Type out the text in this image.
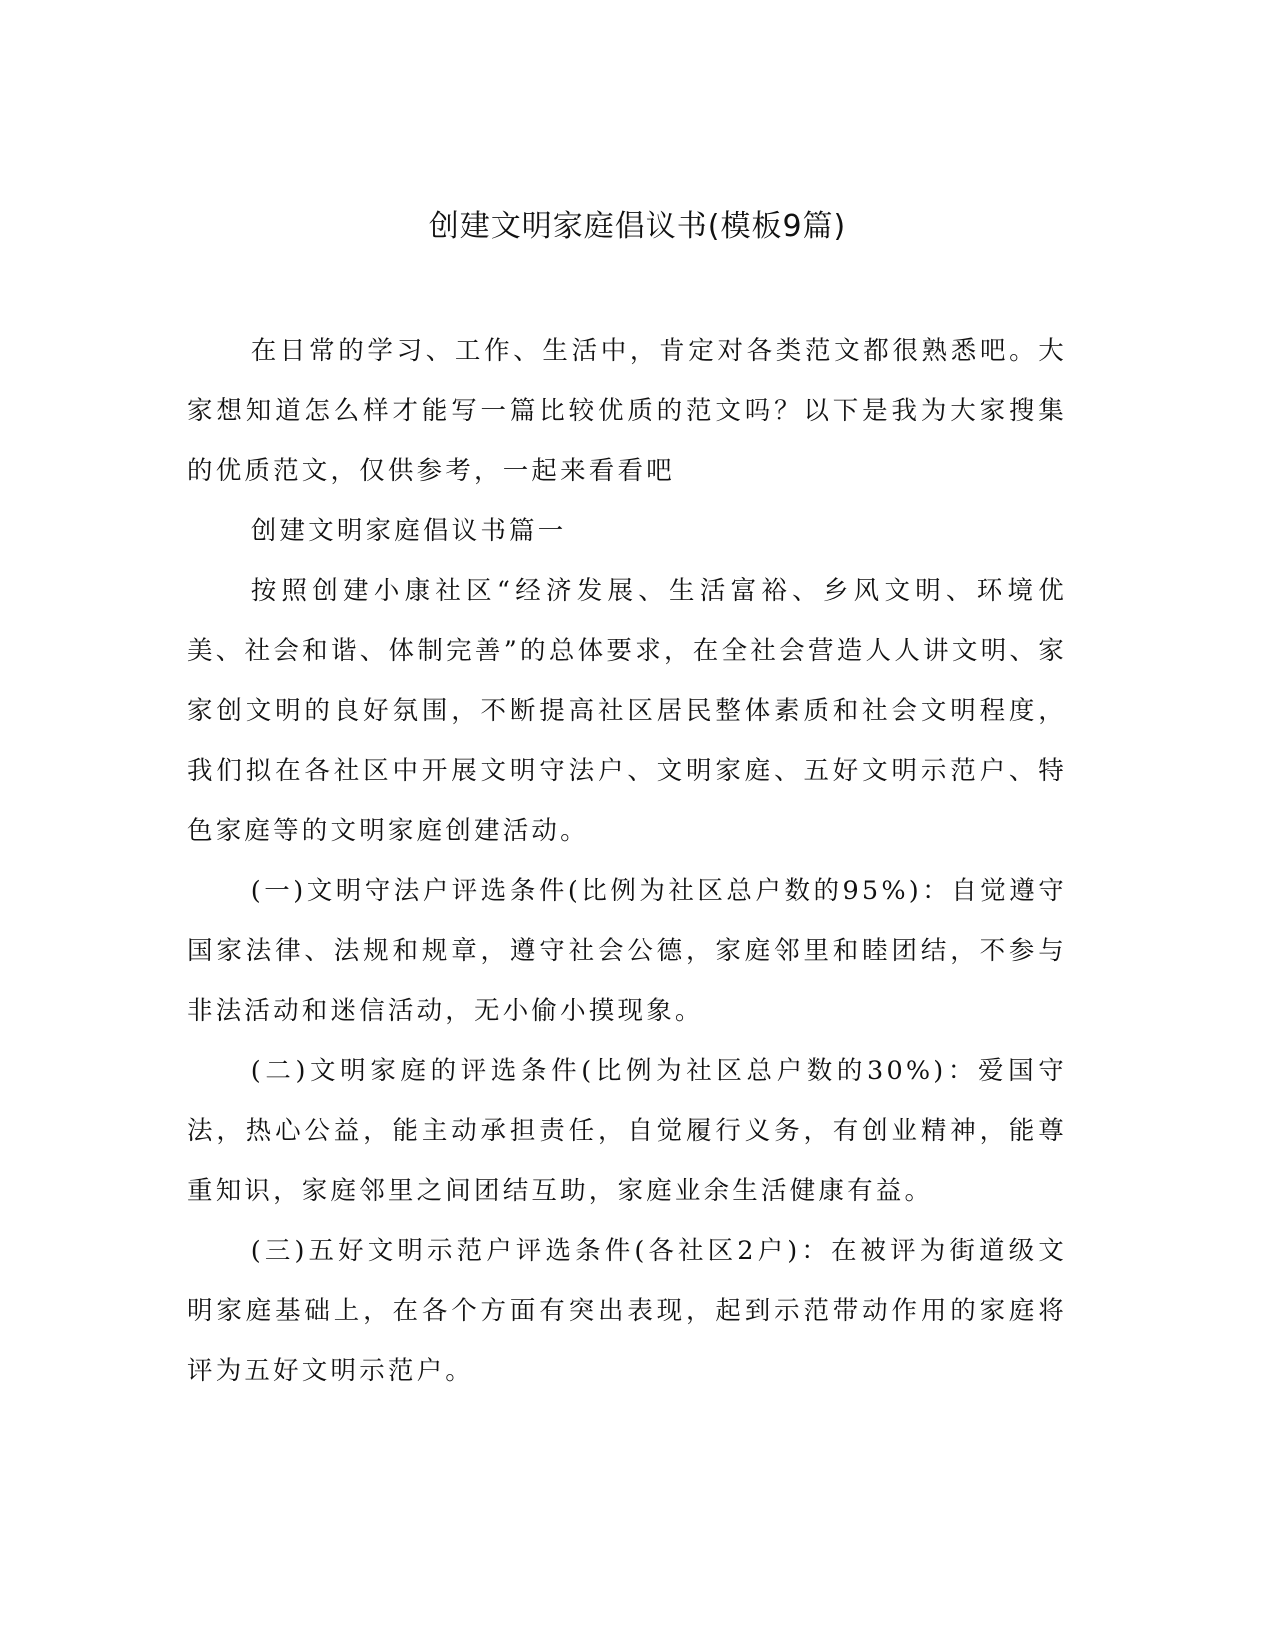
创建文明家庭倡议书(模板9篇)

在日常的学习、工作、生活中，肯定对各类范文都很熟悉吧。大家想知道怎么样才能写一篇比较优质的范文吗？以下是我为大家搜集的优质范文，仅供参考，一起来看看吧

创建文明家庭倡议书篇一

按照创建小康社区“经济发展、生活富裕、乡风文明、环境优美、社会和谐、体制完善”的总体要求，在全社会营造人人讲文明、家家创文明的良好氛围，不断提高社区居民整体素质和社会文明程度，我们拟在各社区中开展文明守法户、文明家庭、五好文明示范户、特色家庭等的文明家庭创建活动。

(一)文明守法户评选条件(比例为社区总户数的95%)：自觉遵守国家法律、法规和规章，遵守社会公德，家庭邻里和睦团结，不参与非法活动和迷信活动，无小偷小摸现象。

(二)文明家庭的评选条件(比例为社区总户数的30%)：爱国守法，热心公益，能主动承担责任，自觉履行义务，有创业精神，能尊重知识，家庭邻里之间团结互助，家庭业余生活健康有益。

(三)五好文明示范户评选条件(各社区2户)：在被评为街道级文明家庭基础上，在各个方面有突出表现，起到示范带动作用的家庭将评为五好文明示范户。
